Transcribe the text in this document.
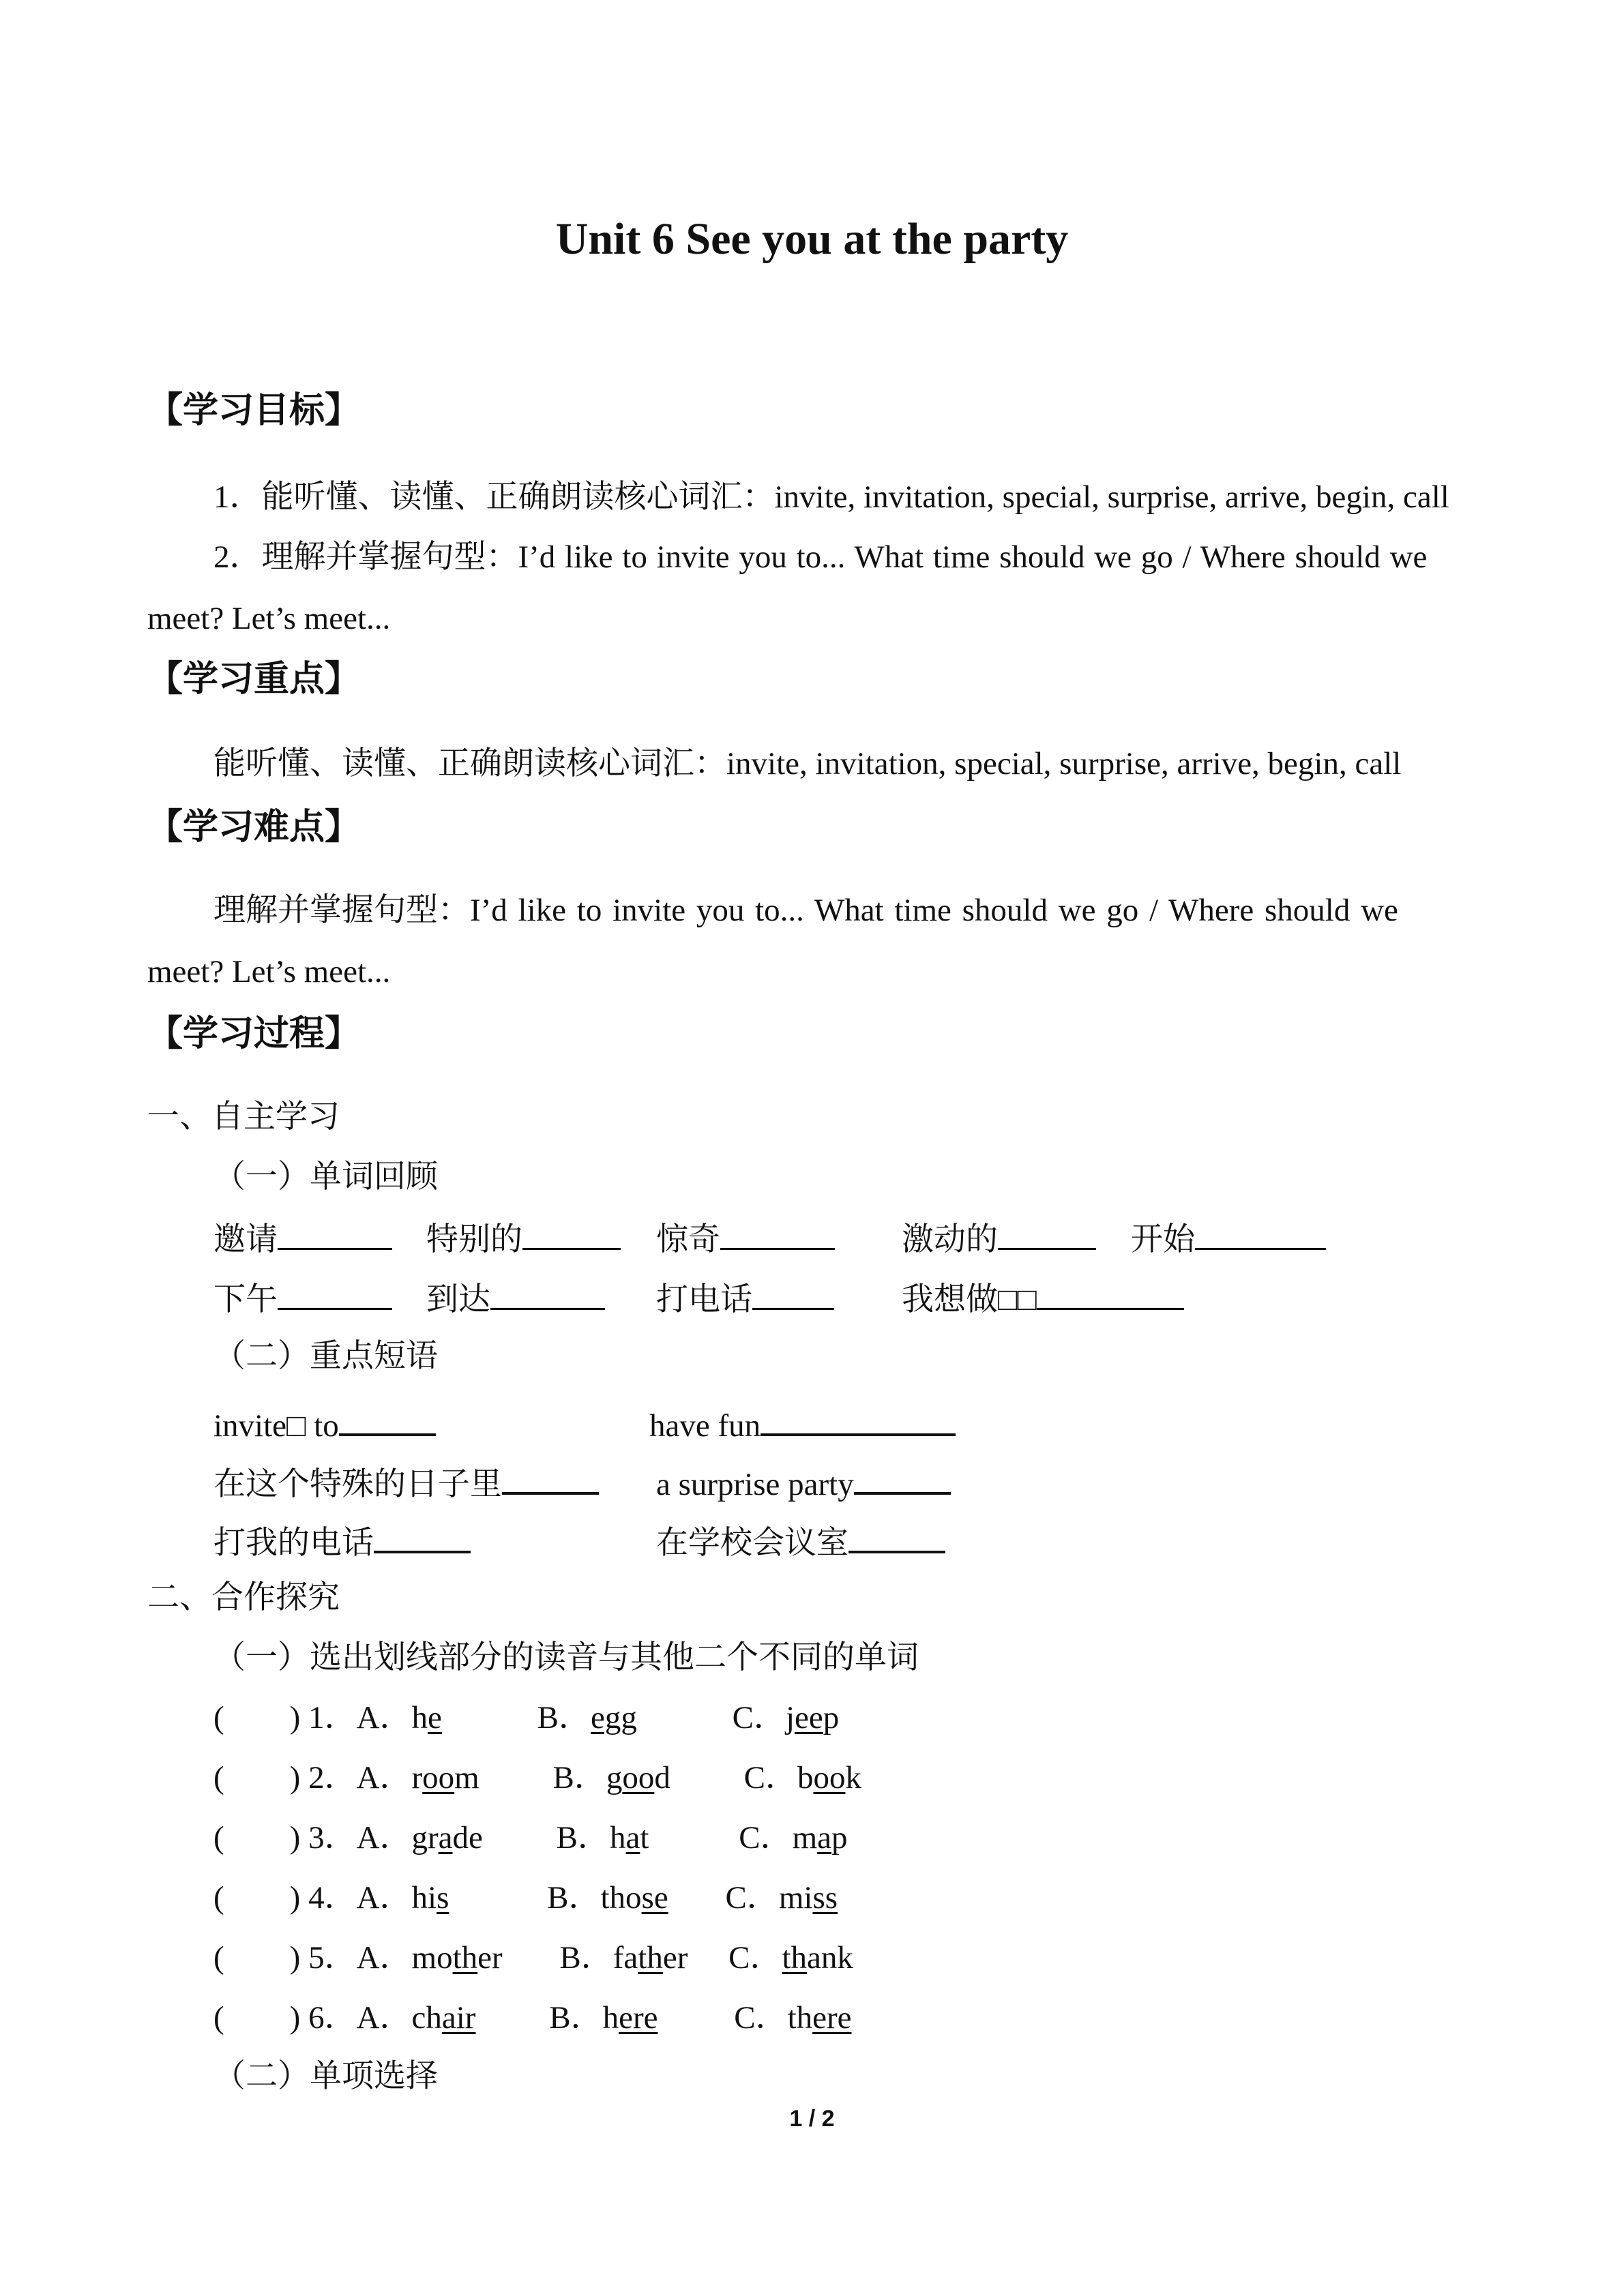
Unit 6 See you at the party
【学习目标】
1．能听懂、读懂、正确朗读核心词汇：invite, invitation, special, surprise, arrive, begin, call
2．理解并掌握句型：I’d like to invite you to... What time should we go / Where should we
meet? Let’s meet...
【学习重点】
能听懂、读懂、正确朗读核心词汇：invite, invitation, special, surprise, arrive, begin, call
【学习难点】
理解并掌握句型：I’d like to invite you to... What time should we go / Where should we
meet? Let’s meet...
【学习过程】
一、自主学习
（一）单词回顾
邀请	特别的	惊奇	激动的	开始
下午	到达	打电话	我想做□□
（二）重点短语
invite□ to	have fun
在这个特殊的日子里	a surprise party
打我的电话	在学校会议室
二、合作探究
（一）选出划线部分的读音与其他二个不同的单词
( ) 1．A．he	B．egg	C．jeep
( ) 2．A．room B．good C．book
( ) 3．A．grade B．hat	C．map
( ) 4．A．his	B．those C．miss
( ) 5．A．mother B．father C．thank
( ) 6．A．chair B．here C．there
（二）单项选择
1 / 2
